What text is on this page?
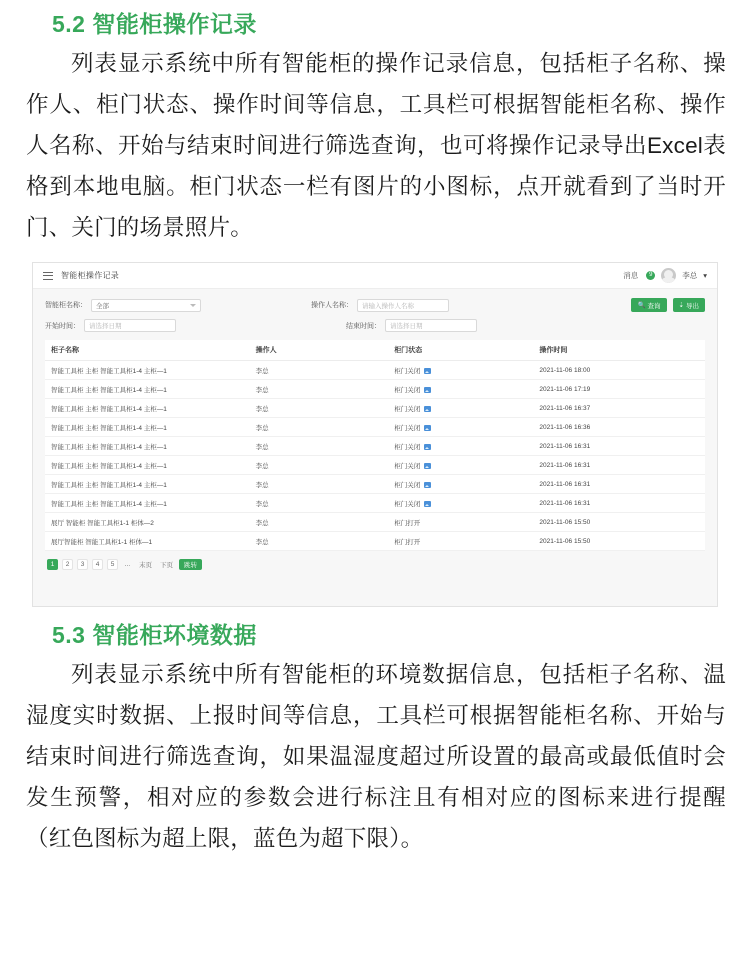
5.2 智能柜操作记录

列表显示系统中所有智能柜的操作记录信息，包括柜子名称、操作人、柜门状态、操作时间等信息，工具栏可根据智能柜名称、操作人名称、开始与结束时间进行筛选查询，也可将操作记录导出Excel表格到本地电脑。柜门状态一栏有图片的小图标，点开就看到了当时开门、关门的场景照片。

智能柜操作记录	消息	9	李总 ▾
智能柜名称： 全部	操作人名称： 请输入操作人名称	🔍 查询	⇣ 导出
开始时间： 请选择日期	结束时间： 请选择日期
柜子名称	操作人	柜门状态	操作时间
智能工具柜 主柜 智能工具柜1-4 主柜—1	李总	柜门关闭	2021-11-06 18:00
智能工具柜 主柜 智能工具柜1-4 主柜—1	李总	柜门关闭	2021-11-06 17:19
智能工具柜 主柜 智能工具柜1-4 主柜—1	李总	柜门关闭	2021-11-06 16:37
智能工具柜 主柜 智能工具柜1-4 主柜—1	李总	柜门关闭	2021-11-06 16:36
智能工具柜 主柜 智能工具柜1-4 主柜—1	李总	柜门关闭	2021-11-06 16:31
智能工具柜 主柜 智能工具柜1-4 主柜—1	李总	柜门关闭	2021-11-06 16:31
智能工具柜 主柜 智能工具柜1-4 主柜—1	李总	柜门关闭	2021-11-06 16:31
智能工具柜 主柜 智能工具柜1-4 主柜—1	李总	柜门关闭	2021-11-06 16:31
展厅 智能柜 智能工具柜1-1 柜体—2	李总	柜门打开	2021-11-06 15:50
展厅智能柜 智能工具柜1-1 柜体—1	李总	柜门打开	2021-11-06 15:50
1	2	3	4	5	...	末页	下页	跳转
5.3 智能柜环境数据

列表显示系统中所有智能柜的环境数据信息，包括柜子名称、温湿度实时数据、上报时间等信息，工具栏可根据智能柜名称、开始与结束时间进行筛选查询，如果温湿度超过所设置的最高或最低值时会发生预警，相对应的参数会进行标注且有相对应的图标来进行提醒（红色图标为超上限，蓝色为超下限）。
